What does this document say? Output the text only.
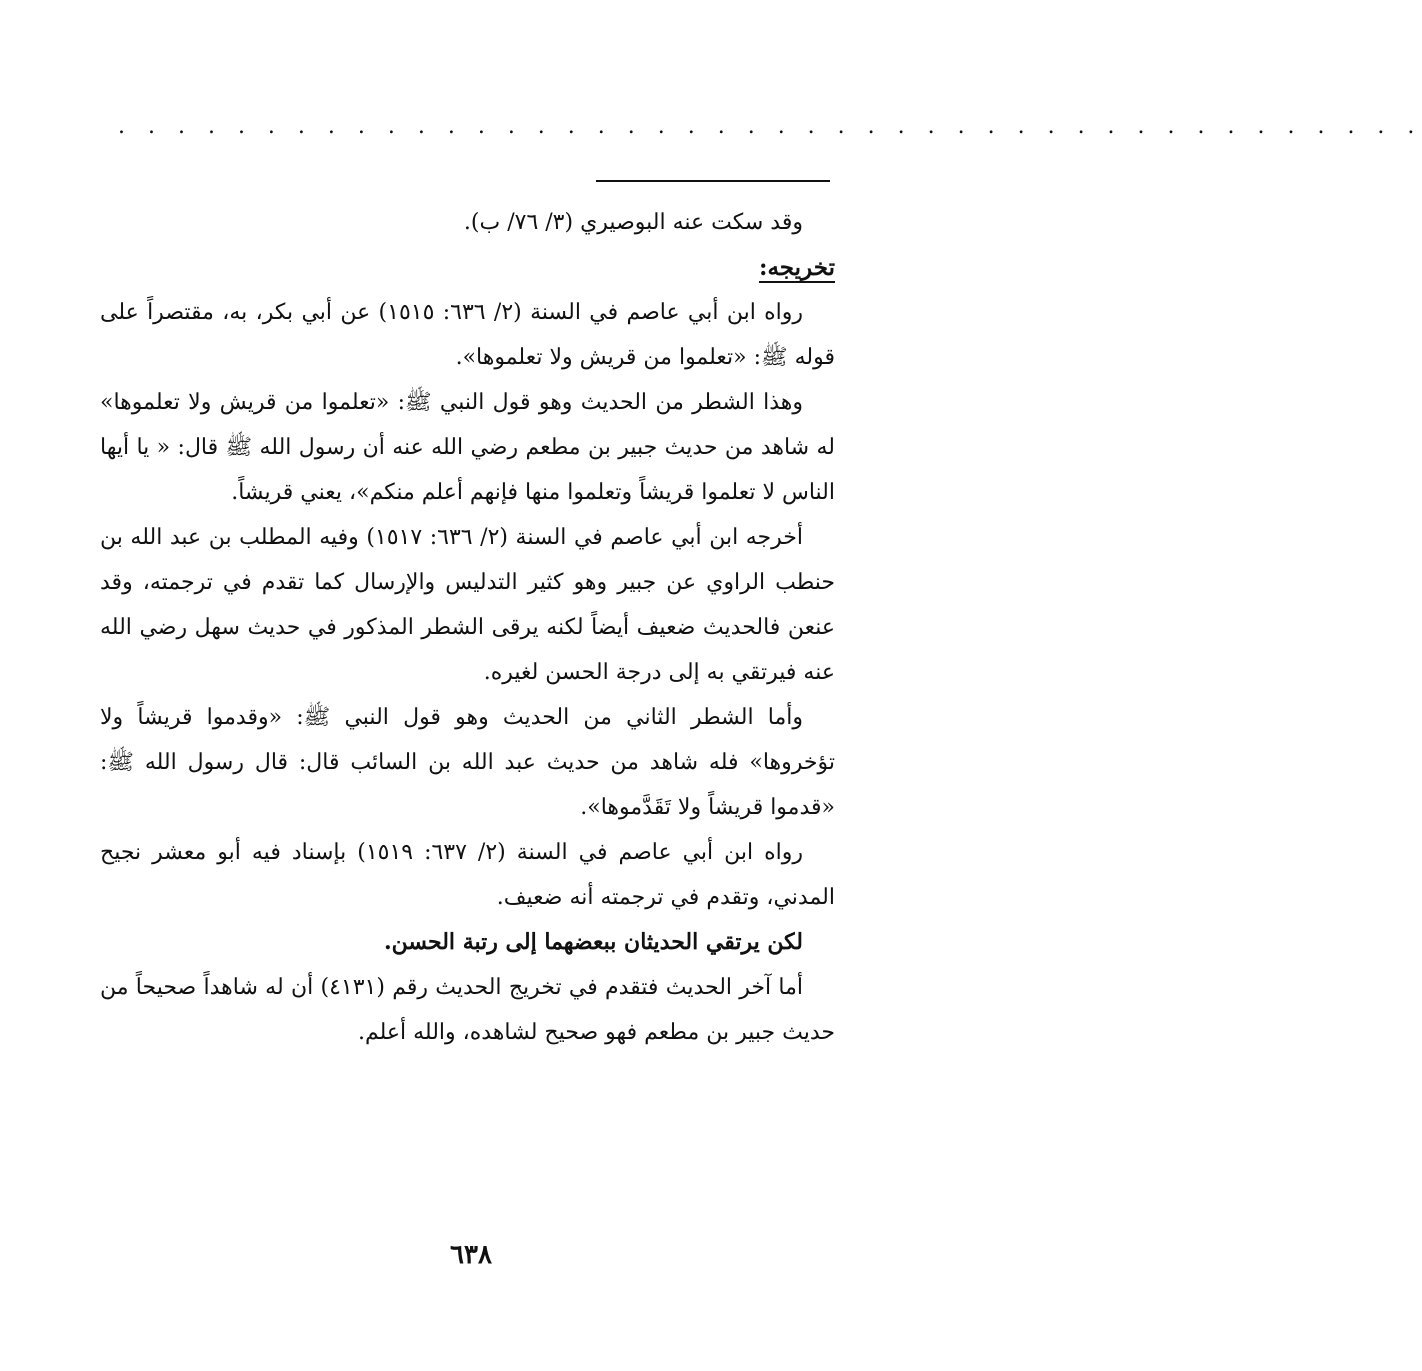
. . . . . . . . . . . . . . . . . . . . . . . . . . . . . . . . . . . . . . . . . . . .

وقد سكت عنه البوصيري (٣/ ٧٦/ ب).

تخريجه:

رواه ابن أبي عاصم في السنة (٢/ ٦٣٦: ١٥١٥) عن أبي بكر، به، مقتصراً على قوله ﷺ: «تعلموا من قريش ولا تعلموها».

وهذا الشطر من الحديث وهو قول النبي ﷺ: «تعلموا من قريش ولا تعلموها» له شاهد من حديث جبير بن مطعم رضي الله عنه أن رسول الله ﷺ قال: « يا أيها الناس لا تعلموا قريشاً وتعلموا منها فإنهم أعلم منكم»، يعني قريشاً.

أخرجه ابن أبي عاصم في السنة (٢/ ٦٣٦: ١٥١٧) وفيه المطلب بن عبد الله بن حنطب الراوي عن جبير وهو كثير التدليس والإرسال كما تقدم في ترجمته، وقد عنعن فالحديث ضعيف أيضاً لكنه يرقى الشطر المذكور في حديث سهل رضي الله عنه فيرتقي به إلى درجة الحسن لغيره.

وأما الشطر الثاني من الحديث وهو قول النبي ﷺ: «وقدموا قريشاً ولا تؤخروها» فله شاهد من حديث عبد الله بن السائب قال: قال رسول الله ﷺ: «قدموا قريشاً ولا تَقَدَّموها».

رواه ابن أبي عاصم في السنة (٢/ ٦٣٧: ١٥١٩) بإسناد فيه أبو معشر نجيح المدني، وتقدم في ترجمته أنه ضعيف.

لكن يرتقي الحديثان ببعضهما إلى رتبة الحسن.

أما آخر الحديث فتقدم في تخريج الحديث رقم (٤١٣١) أن له شاهداً صحيحاً من حديث جبير بن مطعم فهو صحيح لشاهده، والله أعلم.

٦٣٨
